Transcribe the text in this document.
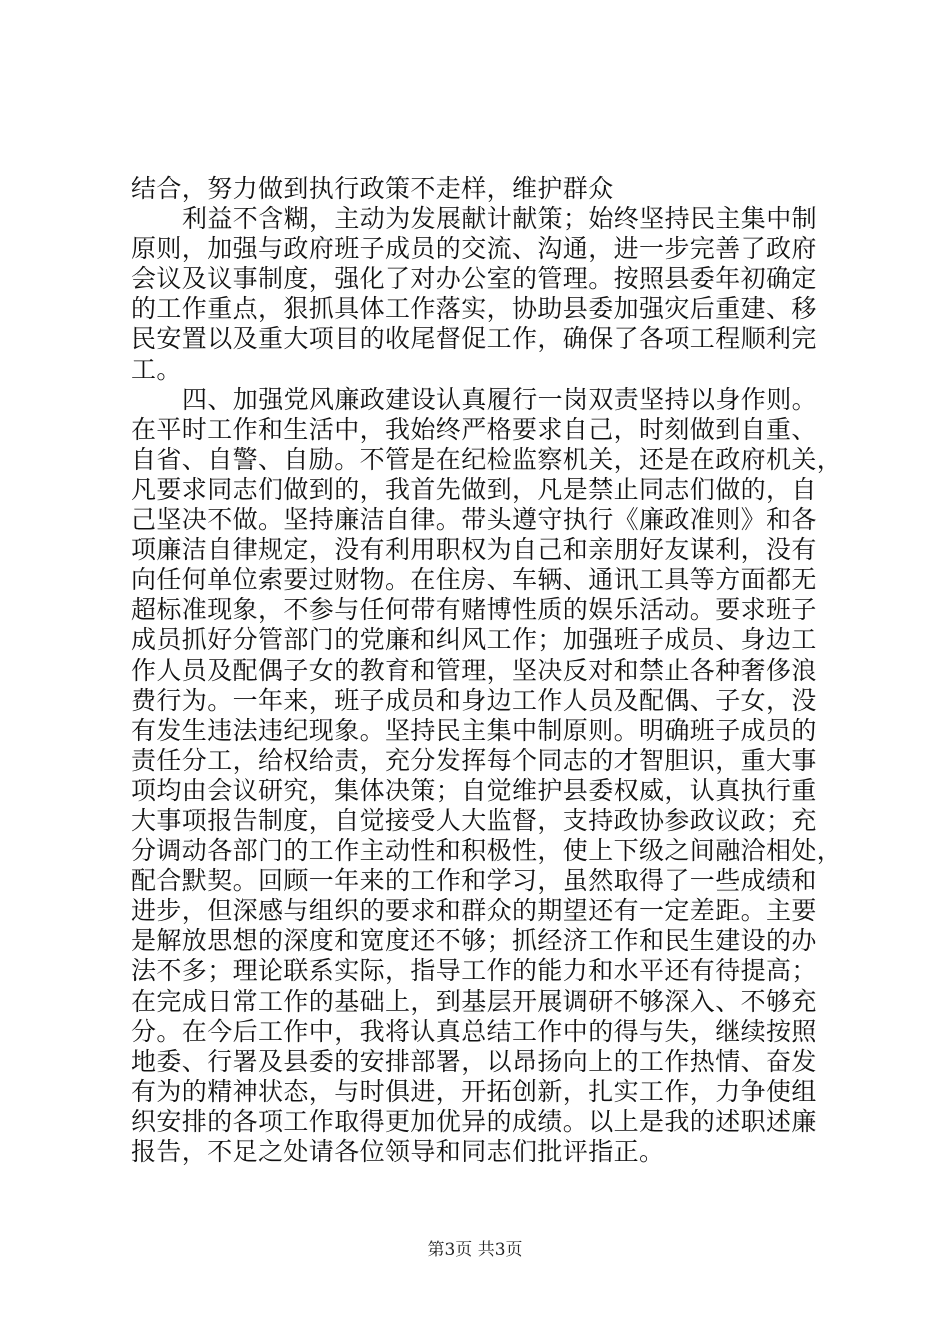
结合，努力做到执行政策不走样，维护群众
利益不含糊，主动为发展献计献策；始终坚持民主集中制
原则，加强与政府班子成员的交流、沟通，进一步完善了政府
会议及议事制度，强化了对办公室的管理。按照县委年初确定
的工作重点，狠抓具体工作落实，协助县委加强灾后重建、移
民安置以及重大项目的收尾督促工作，确保了各项工程顺利完
工。
四、加强党风廉政建设认真履行一岗双责坚持以身作则。
在平时工作和生活中，我始终严格要求自己，时刻做到自重、
自省、自警、自励。不管是在纪检监察机关，还是在政府机关，
凡要求同志们做到的，我首先做到，凡是禁止同志们做的，自
己坚决不做。坚持廉洁自律。带头遵守执行《廉政准则》和各
项廉洁自律规定，没有利用职权为自己和亲朋好友谋利，没有
向任何单位索要过财物。在住房、车辆、通讯工具等方面都无
超标准现象，不参与任何带有赌博性质的娱乐活动。要求班子
成员抓好分管部门的党廉和纠风工作；加强班子成员、身边工
作人员及配偶子女的教育和管理，坚决反对和禁止各种奢侈浪
费行为。一年来，班子成员和身边工作人员及配偶、子女，没
有发生违法违纪现象。坚持民主集中制原则。明确班子成员的
责任分工，给权给责，充分发挥每个同志的才智胆识，重大事
项均由会议研究，集体决策；自觉维护县委权威，认真执行重
大事项报告制度，自觉接受人大监督，支持政协参政议政；充
分调动各部门的工作主动性和积极性，使上下级之间融洽相处，
配合默契。回顾一年来的工作和学习，虽然取得了一些成绩和
进步，但深感与组织的要求和群众的期望还有一定差距。主要
是解放思想的深度和宽度还不够；抓经济工作和民生建设的办
法不多；理论联系实际，指导工作的能力和水平还有待提高；
在完成日常工作的基础上，到基层开展调研不够深入、不够充
分。在今后工作中，我将认真总结工作中的得与失，继续按照
地委、行署及县委的安排部署，以昂扬向上的工作热情、奋发
有为的精神状态，与时俱进，开拓创新，扎实工作，力争使组
织安排的各项工作取得更加优异的成绩。以上是我的述职述廉
报告，不足之处请各位领导和同志们批评指正。
第3页 共3页
